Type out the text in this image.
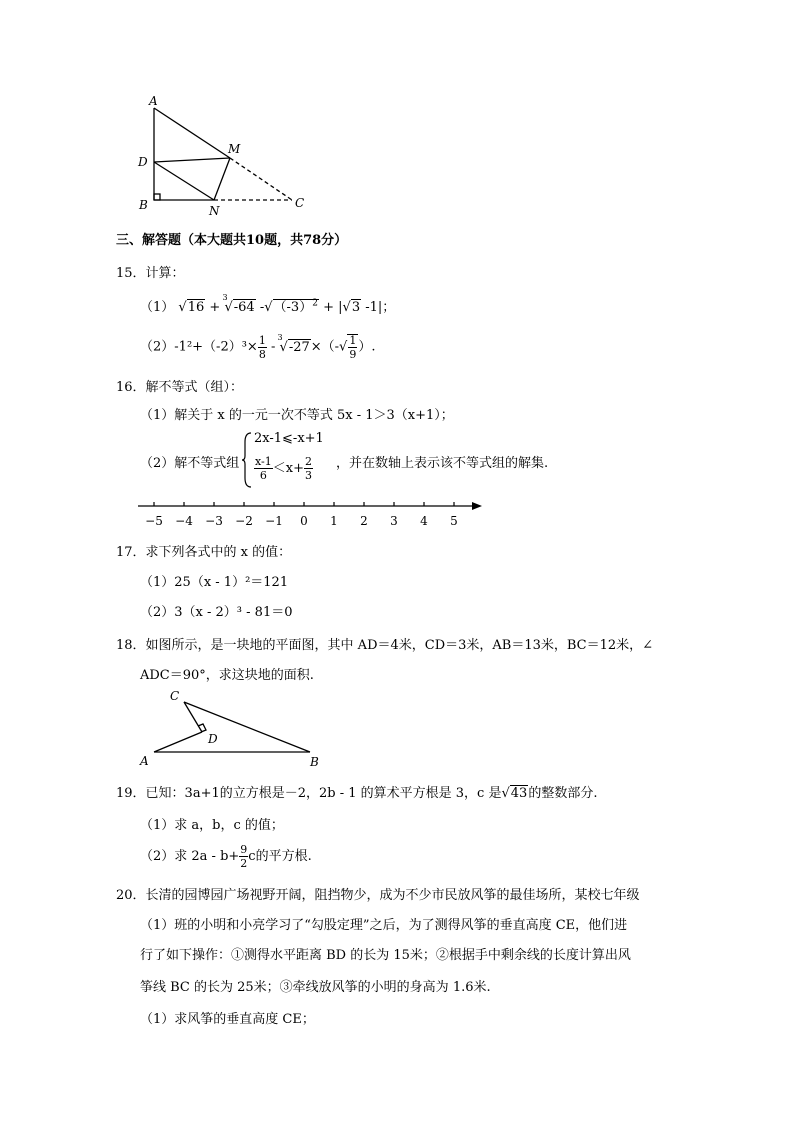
A
D
M
B	N
C
三、解答题（本大题共10题，共78分）
15．计算：
（1） √16 +
3
√-64 $-√(-3)^2 + |√3$ -1|；
$(2)-1^2+(-2)^3\times \frac{1}{8}$ -
3
$√-27\times(-√ \frac{1}{9}$ ）.
16．解不等式（组）：
（1）解关于 x 的一元一次不等式 5x - 1＞3（x+1）；
（2）解不等式组
2x-1⩽-x+1
$\frac{x-1}{6} <x+ \frac{2}{3}$ ，并在数轴上表示该不等式组的解集.
−5 −4 −3 −2 −1 0 1 2 3 4 5
17．求下列各式中的 x 的值：
（1）25（x - 1）²＝121
（2）3（x - 2）³ - 81＝0
18．如图所示，是一块地的平面图，其中 AD＝4米，CD＝3米，AB＝13米，BC＝12米，∠
ADC＝90°，求这块地的面积.
C
D
A	B
19．已知：3a+1的立方根是－2，2b - 1 的算术平方根是 3，c 是√43的整数部分.
（1）求 a，b，c 的值；
（2）求 $2a - b+ \frac{9}{2}$ c的平方根.
20．长清的园博园广场视野开阔，阻挡物少，成为不少市民放风筝的最佳场所，某校七年级
（1）班的小明和小亮学习了“勾股定理”之后，为了测得风筝的垂直高度 CE，他们进
行了如下操作：①测得水平距离 BD 的长为 15米；②根据手中剩余线的长度计算出风
筝线 BC 的长为 25米；③牵线放风筝的小明的身高为 1.6米.
（1）求风筝的垂直高度 CE；
